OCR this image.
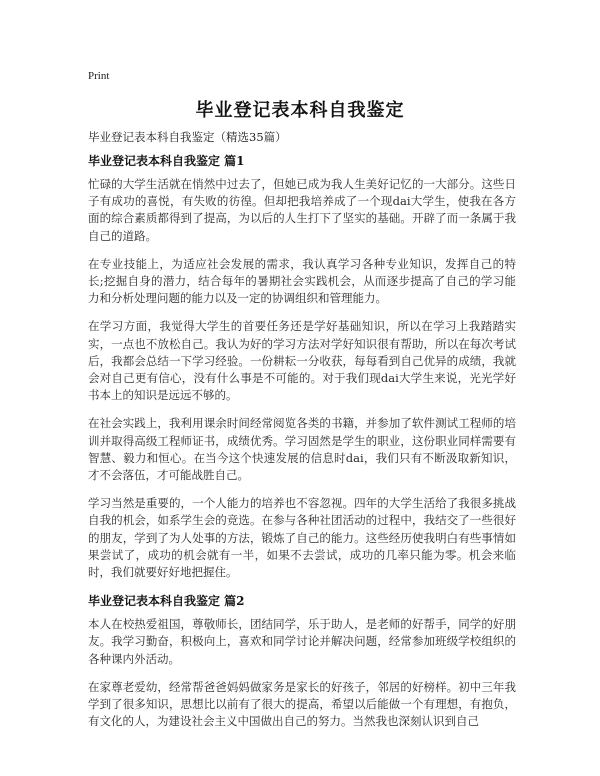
Print
毕业登记表本科自我鉴定

毕业登记表本科自我鉴定（精选35篇）

毕业登记表本科自我鉴定 篇1

忙碌的大学生活就在悄然中过去了，但她已成为我人生美好记忆的一大部分。这些日子有成功的喜悦，有失败的彷徨。但却把我培养成了一个现dai大学生，使我在各方面的综合素质都得到了提高，为以后的人生打下了坚实的基础。开辟了而一条属于我自己的道路。

在专业技能上，为适应社会发展的需求，我认真学习各种专业知识，发挥自己的特长;挖掘自身的潜力，结合每年的暑期社会实践机会，从而逐步提高了自己的学习能力和分析处理问题的能力以及一定的协调组织和管理能力。

在学习方面，我觉得大学生的首要任务还是学好基础知识，所以在学习上我踏踏实实，一点也不放松自己。我认为好的学习方法对学好知识很有帮助，所以在每次考试后，我都会总结一下学习经验。一份耕耘一分收获，每每看到自己优异的成绩，我就会对自己更有信心，没有什么事是不可能的。对于我们现dai大学生来说，光光学好书本上的知识是远远不够的。

在社会实践上，我利用课余时间经常阅览各类的书籍，并参加了软件测试工程师的培训并取得高级工程师证书，成绩优秀。学习固然是学生的职业，这份职业同样需要有智慧、毅力和恒心。在当今这个快速发展的信息时dai，我们只有不断汲取新知识，才不会落伍，才可能战胜自己。

学习当然是重要的，一个人能力的培养也不容忽视。四年的大学生活给了我很多挑战自我的机会，如系学生会的竞选。在参与各种社团活动的过程中，我结交了一些很好的朋友，学到了为人处事的方法，锻炼了自己的能力。这些经历使我明白有些事情如果尝试了，成功的机会就有一半，如果不去尝试，成功的几率只能为零。机会来临时，我们就要好好地把握住。

毕业登记表本科自我鉴定 篇2

本人在校热爱祖国，尊敬师长，团结同学，乐于助人，是老师的好帮手，同学的好朋友。我学习勤奋，积极向上，喜欢和同学讨论并解决问题，经常参加班级学校组织的各种课内外活动。

在家尊老爱幼，经常帮爸爸妈妈做家务是家长的好孩子，邻居的好榜样。初中三年我学到了很多知识，思想比以前有了很大的提高，希望以后能做一个有理想，有抱负，有文化的人，为建设社会主义中国做出自己的努力。当然我也深刻认识到自己
